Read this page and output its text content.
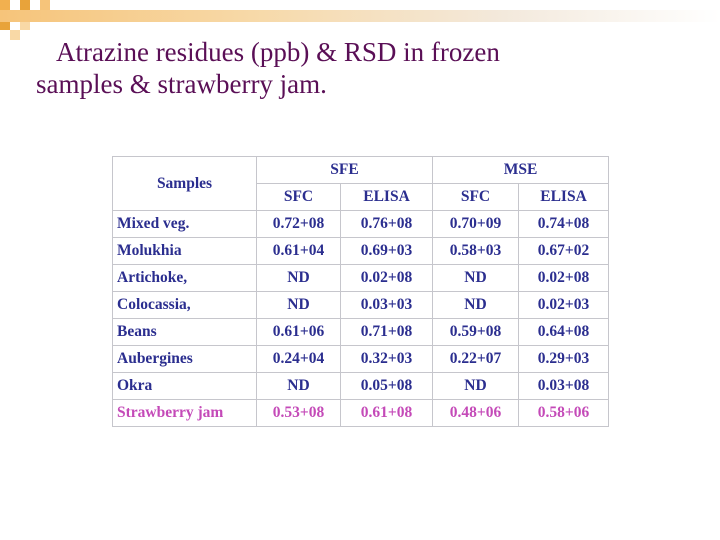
Atrazine residues (ppb) & RSD in frozen
samples & strawberry jam.
Samples	SFE		MSE	
	SFC	ELISA	SFC	ELISA
Mixed veg.	0.72+08	0.76+08	0.70+09	0.74+08
Molukhia	0.61+04	0.69+03	0.58+03	0.67+02
Artichoke,	ND	0.02+08	ND	0.02+08
Colocassia,	ND	0.03+03	ND	0.02+03
Beans	0.61+06	0.71+08	0.59+08	0.64+08
Aubergines	0.24+04	0.32+03	0.22+07	0.29+03
Okra	ND	0.05+08	ND	0.03+08
Strawberry jam	0.53+08	0.61+08	0.48+06	0.58+06
